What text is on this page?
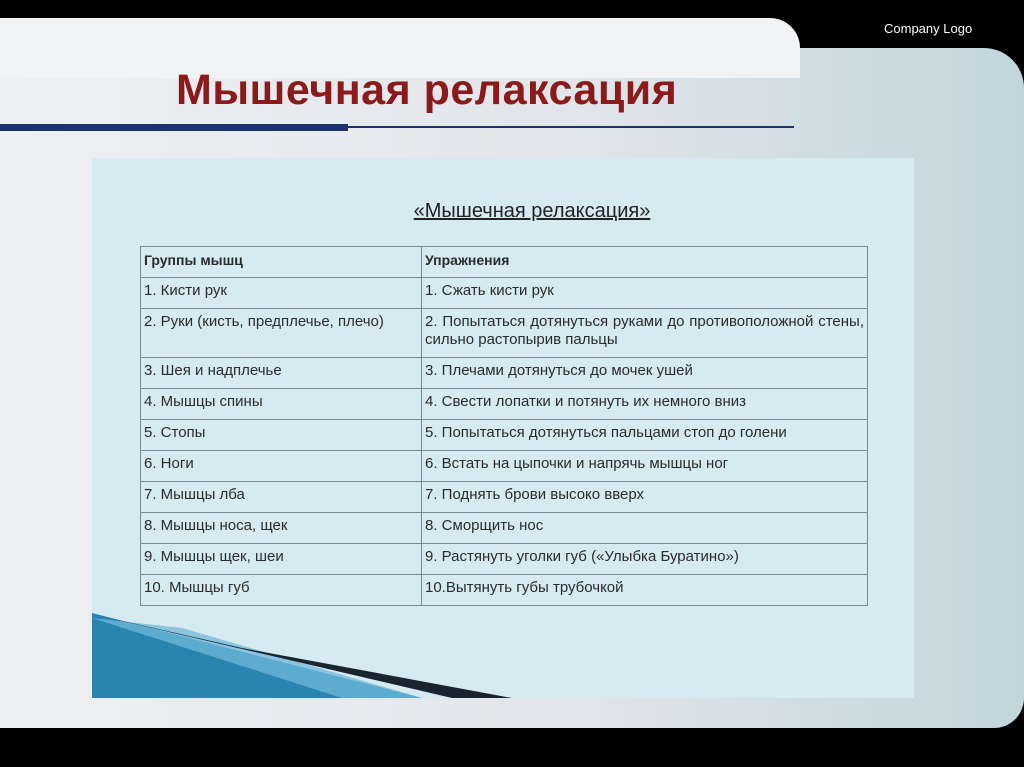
Company Logo
Мышечная релаксация
«Мышечная релаксация»
Группы мышц	Упражнения
1. Кисти рук	1. Сжать кисти рук
2. Руки (кисть, предплечье, плечо)	2. Попытаться дотянуться руками до противоположной стены, сильно растопырив пальцы
3. Шея и надплечье	3. Плечами дотянуться до мочек ушей
4. Мышцы спины	4. Свести лопатки и потянуть их немного вниз
5. Стопы	5. Попытаться дотянуться пальцами стоп до голени
6. Ноги	6. Встать на цыпочки и напрячь мышцы ног
7. Мышцы лба	7. Поднять брови высоко вверх
8. Мышцы носа, щек	8. Сморщить нос
9. Мышцы щек, шеи	9. Растянуть уголки губ («Улыбка Буратино»)
10. Мышцы губ	10.Вытянуть губы трубочкой
